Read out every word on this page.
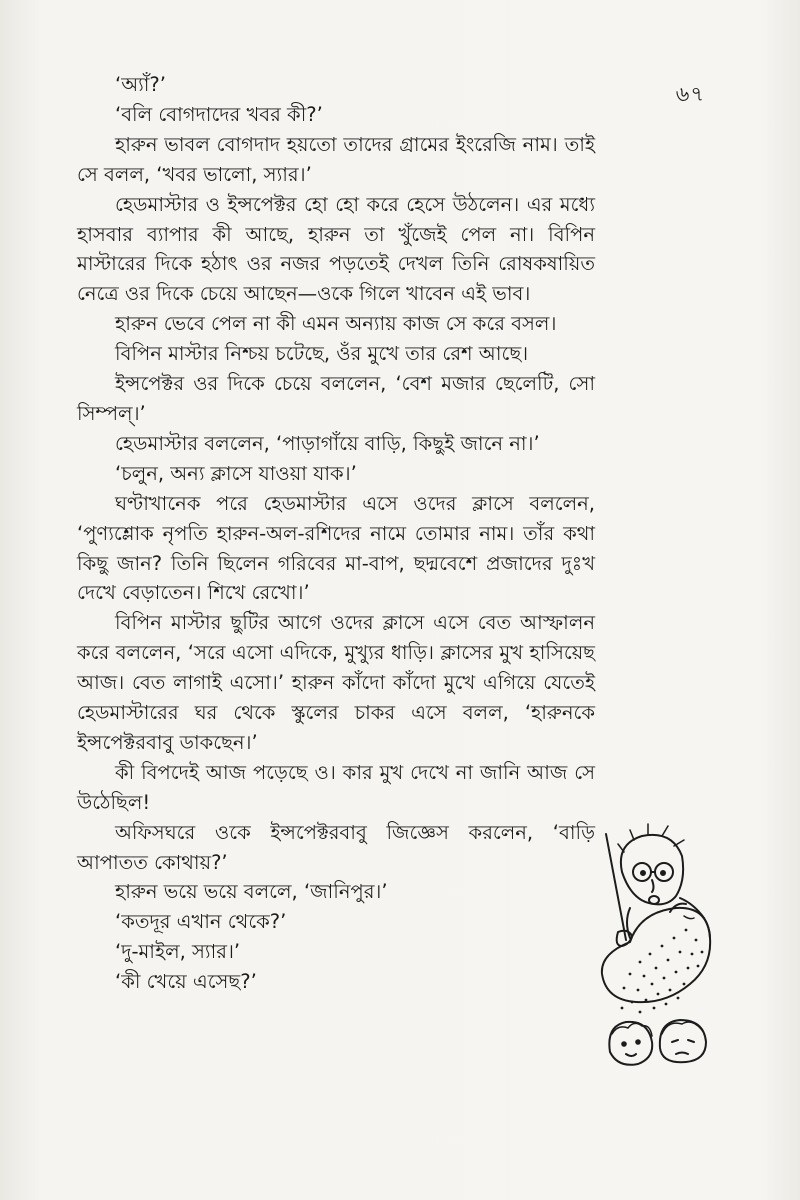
৬৭

‘অ্যাঁ?’

‘বলি বোগদাদের খবর কী?’

হারুন ভাবল বোগদাদ হয়তো তাদের গ্রামের ইংরেজি নাম। তাই সে বলল, ‘খবর ভালো, স্যার।’

হেডমাস্টার ও ইন্সপেক্টর হো হো করে হেসে উঠলেন। এর মধ্যে হাসবার ব্যাপার কী আছে, হারুন তা খুঁজেই পেল না। বিপিন মাস্টারের দিকে হঠাৎ ওর নজর পড়তেই দেখল তিনি রোষকষায়িত নেত্রে ওর দিকে চেয়ে আছেন—ওকে গিলে খাবেন এই ভাব।

হারুন ভেবে পেল না কী এমন অন্যায় কাজ সে করে বসল।

বিপিন মাস্টার নিশ্চয় চটেছে, ওঁর মুখে তার রেশ আছে।

ইন্সপেক্টর ওর দিকে চেয়ে বললেন, ‘বেশ মজার ছেলেটি, সো সিম্পল্।’

হেডমাস্টার বললেন, ‘পাড়াগাঁয়ে বাড়ি, কিছুই জানে না।’

‘চলুন, অন্য ক্লাসে যাওয়া যাক।’

ঘণ্টাখানেক পরে হেডমাস্টার এসে ওদের ক্লাসে বললেন, ‘পুণ্যশ্লোক নৃপতি হারুন-অল-রশিদের নামে তোমার নাম। তাঁর কথা কিছু জান? তিনি ছিলেন গরিবের মা-বাপ, ছদ্মবেশে প্রজাদের দুঃখ দেখে বেড়াতেন। শিখে রেখো।’

বিপিন মাস্টার ছুটির আগে ওদের ক্লাসে এসে বেত আস্ফালন করে বললেন, ‘সরে এসো এদিকে, মুখ্যুর ধাড়ি। ক্লাসের মুখ হাসিয়েছ আজ। বেত লাগাই এসো।’ হারুন কাঁদো কাঁদো মুখে এগিয়ে যেতেই হেডমাস্টারের ঘর থেকে স্কুলের চাকর এসে বলল, ‘হারুনকে ইন্সপেক্টরবাবু ডাকছেন।’

কী বিপদেই আজ পড়েছে ও। কার মুখ দেখে না জানি আজ সে উঠেছিল!

অফিসঘরে ওকে ইন্সপেক্টরবাবু জিজ্ঞেস করলেন, ‘বাড়ি আপাতত কোথায়?’

হারুন ভয়ে ভয়ে বললে, ‘জানিপুর।’

‘কতদূর এখান থেকে?’

‘দু-মাইল, স্যার।’

‘কী খেয়ে এসেছ?’
